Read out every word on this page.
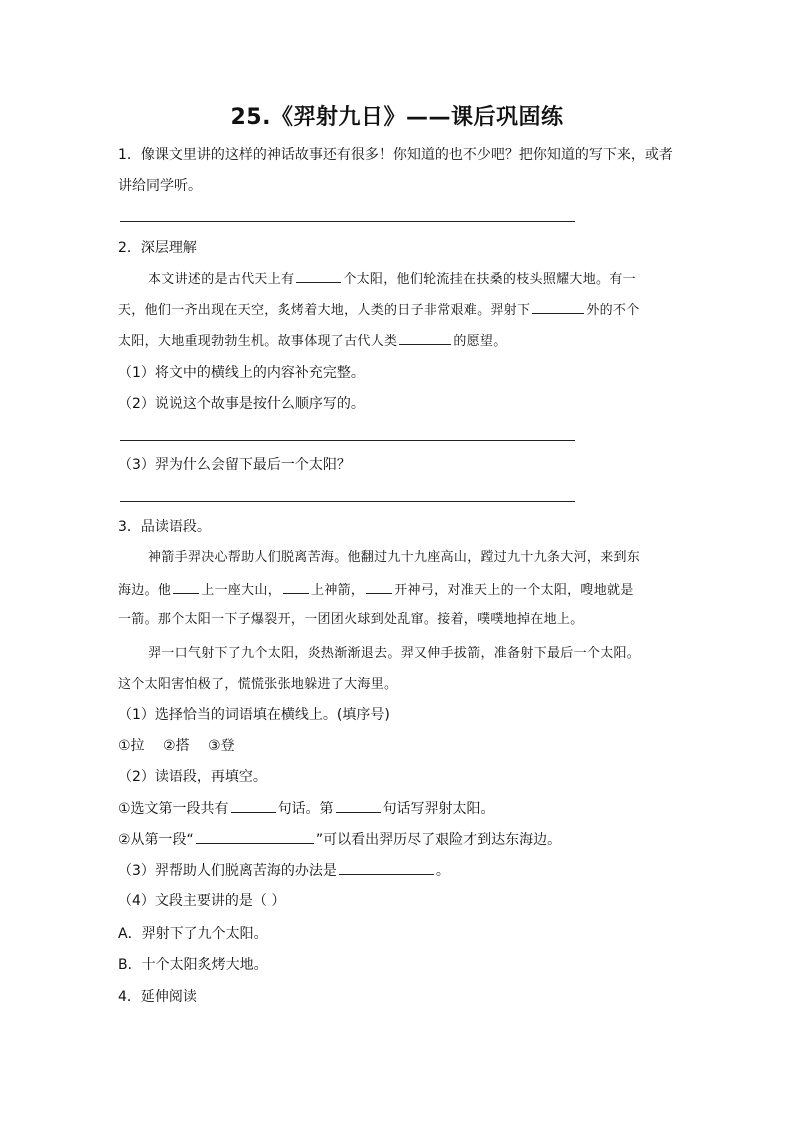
25.《羿射九日》——课后巩固练
1．像课文里讲的这样的神话故事还有很多！你知道的也不少吧？把你知道的写下来，或者
讲给同学听。
2．深层理解
本文讲述的是古代天上有	个太阳，他们轮流挂在扶桑的枝头照耀大地。有一
天，他们一齐出现在天空，炙烤着大地，人类的日子非常艰难。羿射下	外的不个
太阳，大地重现勃勃生机。故事体现了古代人类	的愿望。
（1）将文中的横线上的内容补充完整。
（2）说说这个故事是按什么顺序写的。
（3）羿为什么会留下最后一个太阳？
3．品读语段。
神箭手羿决心帮助人们脱离苦海。他翻过九十九座高山，蹚过九十九条大河，来到东
海边。他 上一座大山， 上神箭， 开神弓，对准天上的一个太阳，嗖地就是
一箭。那个太阳一下子爆裂开，一团团火球到处乱窜。接着，噗噗地掉在地上。
羿一口气射下了九个太阳，炎热渐渐退去。羿又伸手拔箭，准备射下最后一个太阳。
这个太阳害怕极了，慌慌张张地躲进了大海里。
（1）选择恰当的词语填在横线上。(填序号)
①拉 ②搭 ③登
（2）读语段，再填空。
①选文第一段共有	句话。第	句话写羿射太阳。
②从第一段“	”可以看出羿历尽了艰险才到达东海边。
（3）羿帮助人们脱离苦海的办法是	。
（4）文段主要讲的是（ ）
A．羿射下了九个太阳。
B．十个太阳炙烤大地。
4．延伸阅读
